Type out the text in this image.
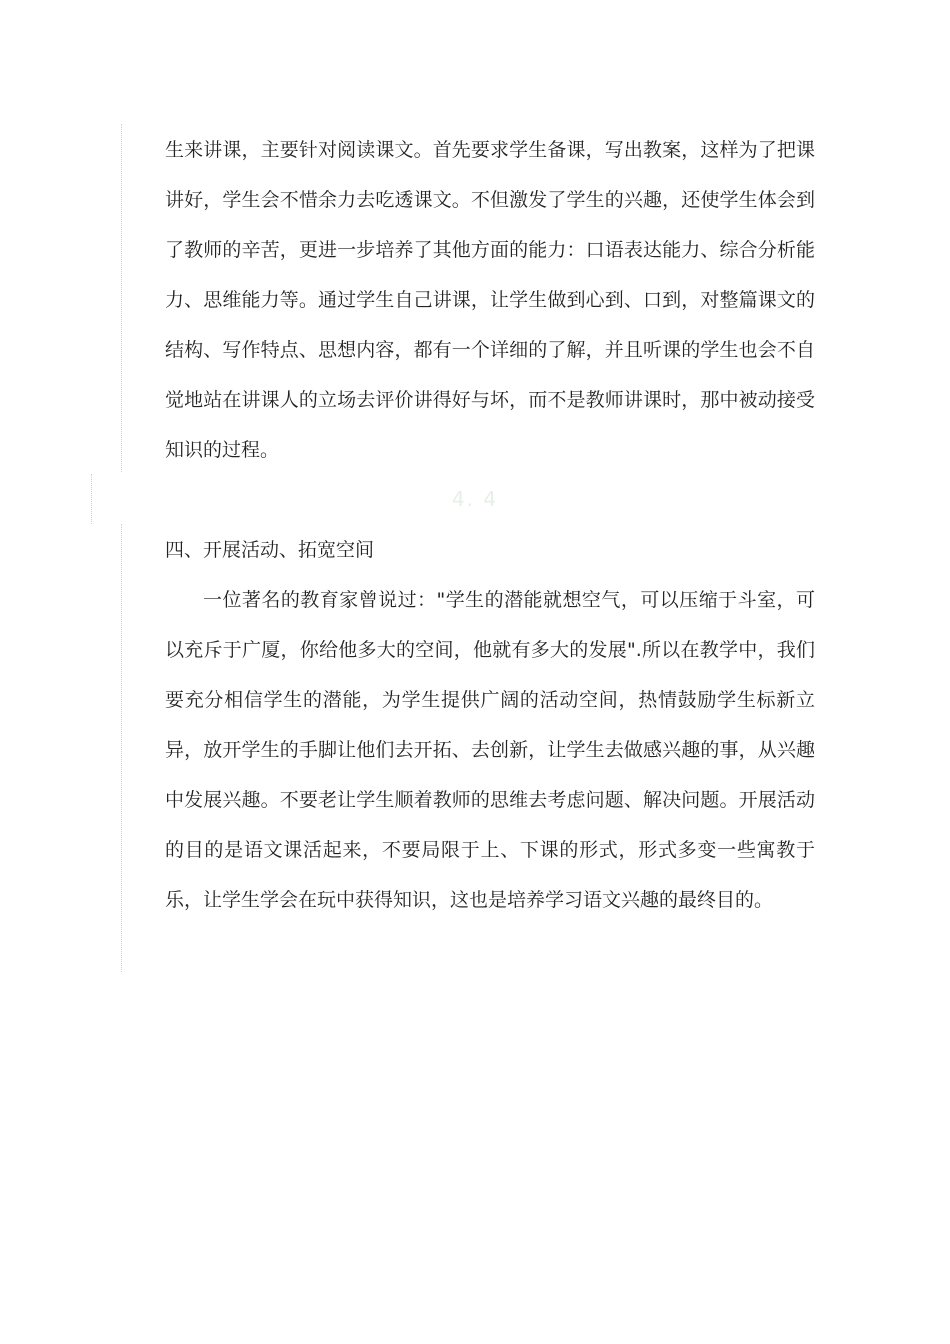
生来讲课，主要针对阅读课文。首先要求学生备课，写出教案，这样为了把课讲好，学生会不惜余力去吃透课文。不但激发了学生的兴趣，还使学生体会到了教师的辛苦，更进一步培养了其他方面的能力：口语表达能力、综合分析能力、思维能力等。通过学生自己讲课，让学生做到心到、口到，对整篇课文的结构、写作特点、思想内容，都有一个详细的了解，并且听课的学生也会不自觉地站在讲课人的立场去评价讲得好与坏，而不是教师讲课时，那中被动接受知识的过程。

4. 4
四、开展活动、拓宽空间

一位著名的教育家曾说过："学生的潜能就想空气，可以压缩于斗室，可以充斥于广厦，你给他多大的空间，他就有多大的发展".所以在教学中，我们要充分相信学生的潜能，为学生提供广阔的活动空间，热情鼓励学生标新立异，放开学生的手脚让他们去开拓、去创新，让学生去做感兴趣的事，从兴趣中发展兴趣。不要老让学生顺着教师的思维去考虑问题、解决问题。开展活动的目的是语文课活起来，不要局限于上、下课的形式，形式多变一些寓教于乐，让学生学会在玩中获得知识，这也是培养学习语文兴趣的最终目的。
